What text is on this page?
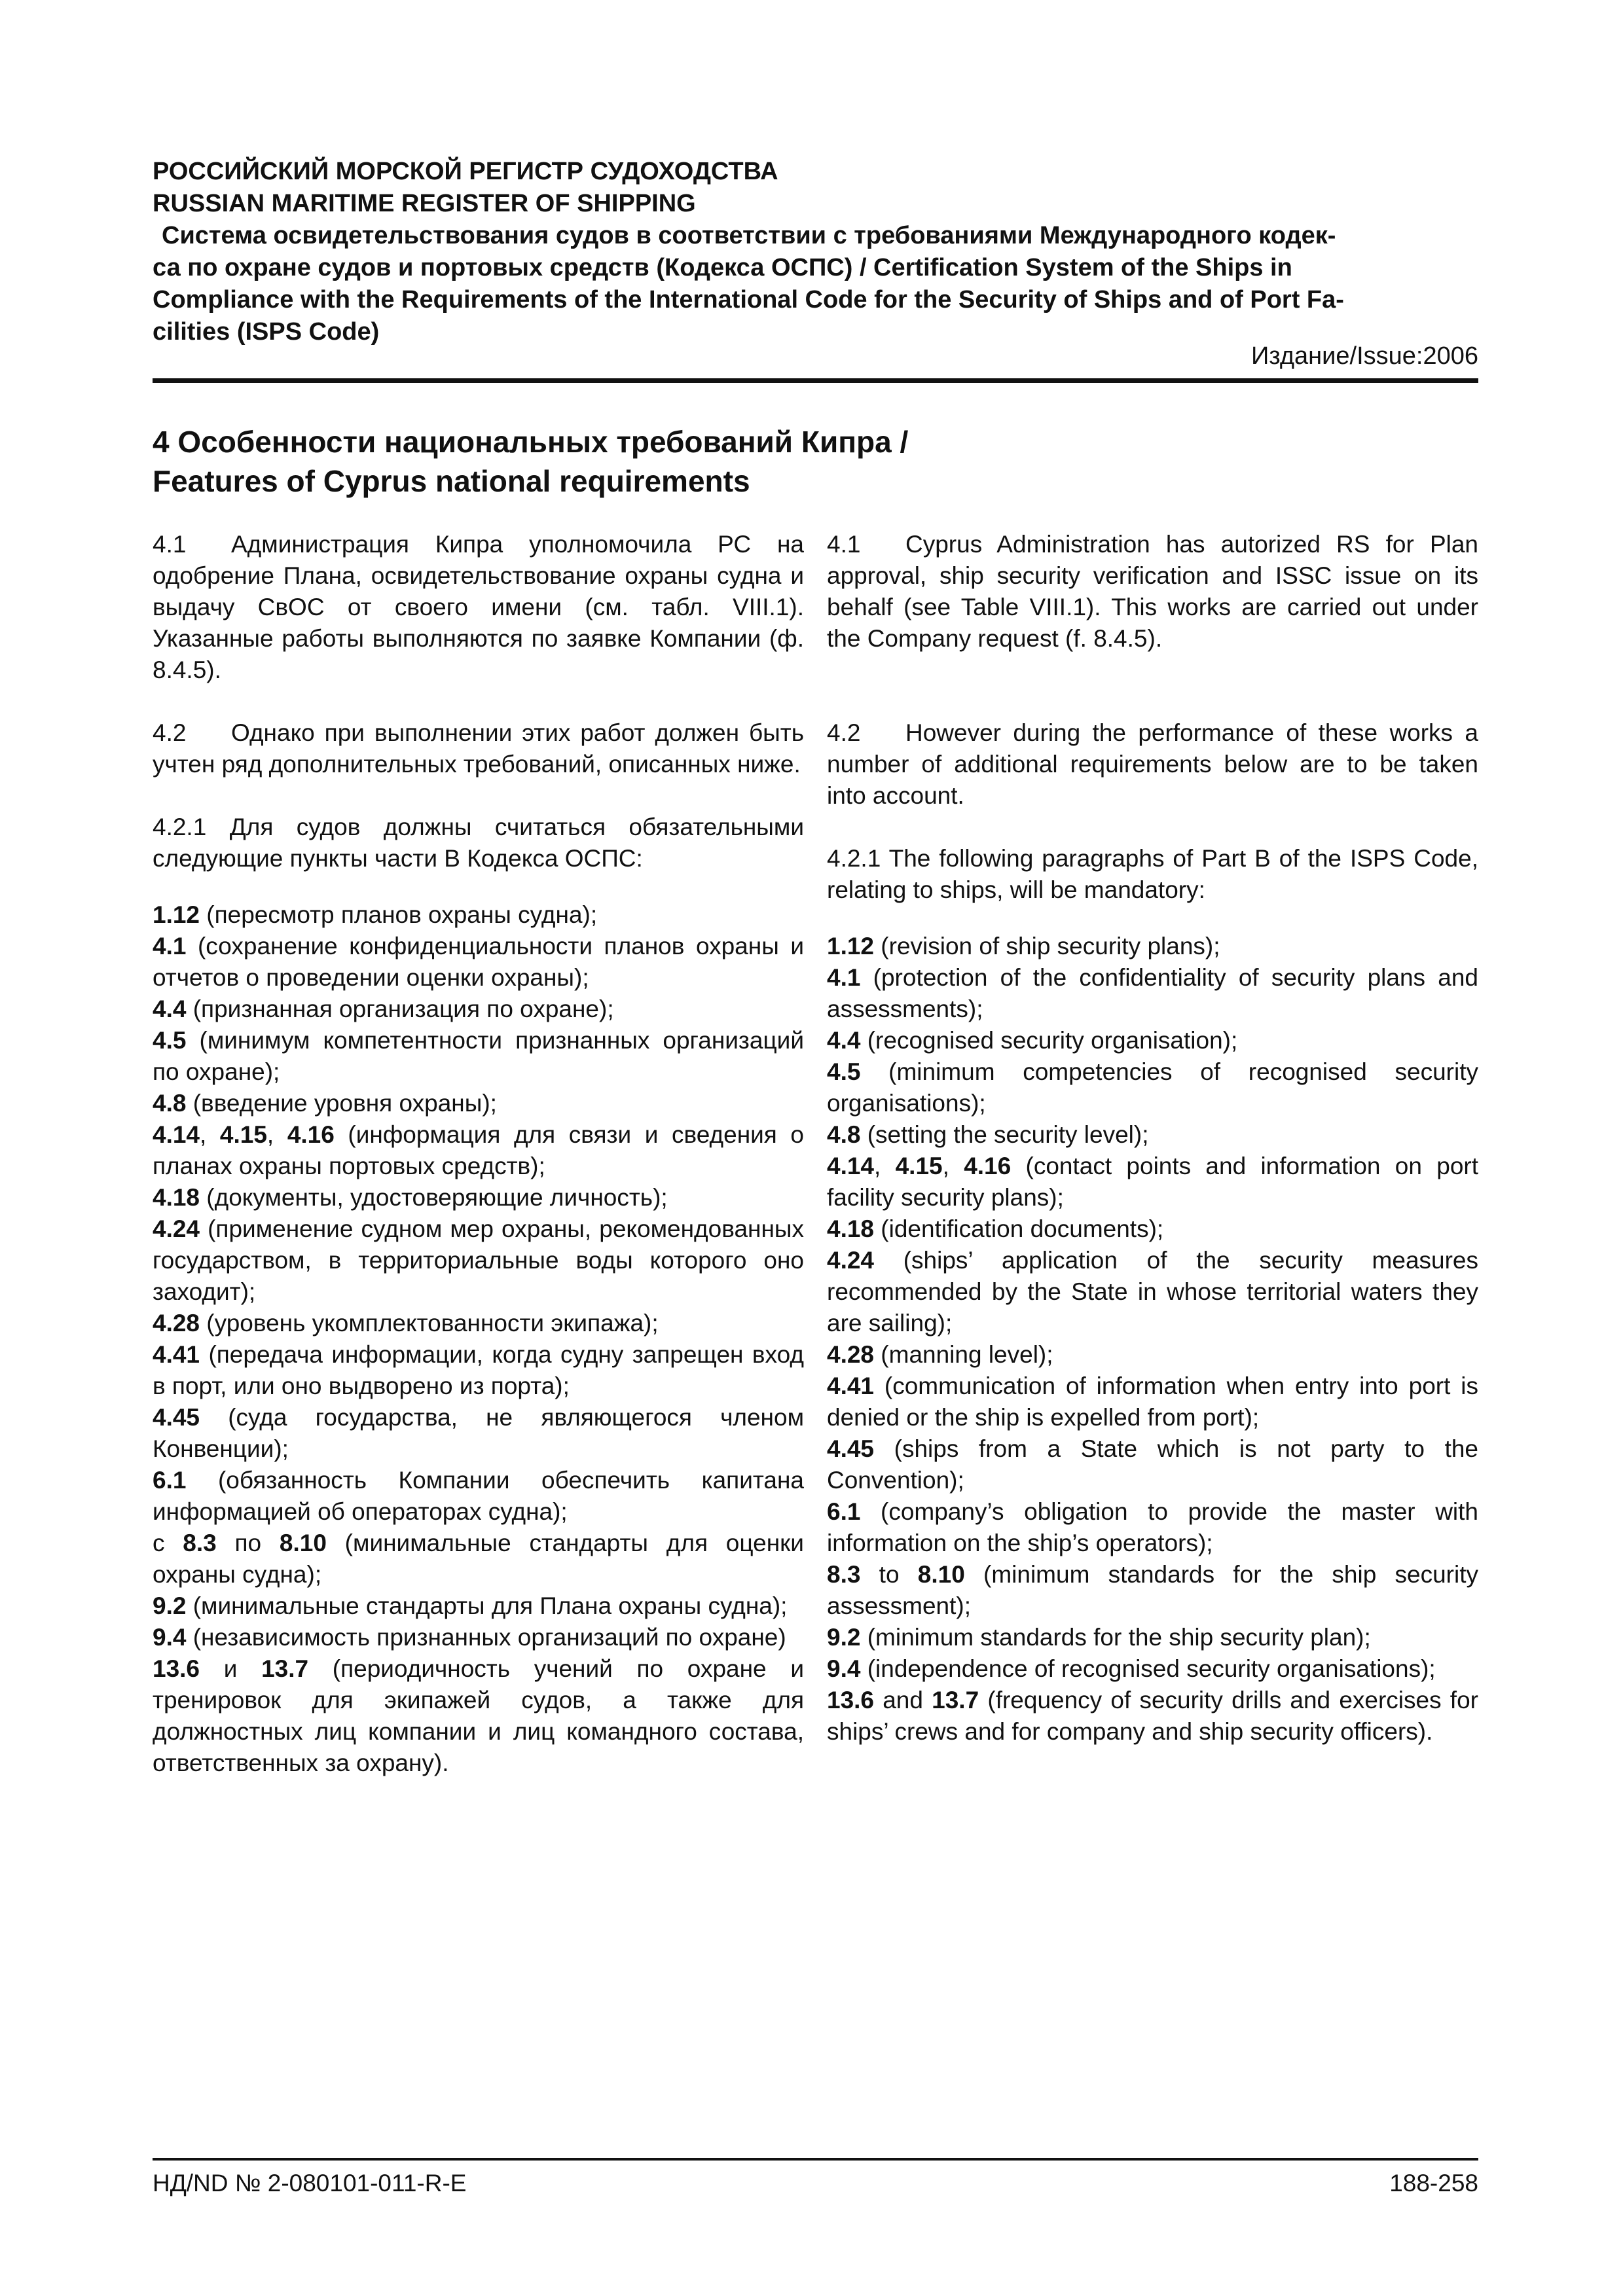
РОССИЙСКИЙ МОРСКОЙ РЕГИСТР СУДОХОДСТВА
RUSSIAN MARITIME REGISTER OF SHIPPING
Система освидетельствования судов в соответствии с требованиями Международного кодек-
са по охране судов и портовых средств (Кодекса ОСПС) / Certification System of the Ships in
Compliance with the Requirements of the International Code for the Security of Ships and of Port Fa-
cilities (ISPS Code)
Издание/Issue:2006
4 Особенности национальных требований Кипра /
Features of Cyprus national requirements

4.1 Администрация Кипра уполномочила РС на одобрение Плана, освидетельствование охраны судна и выдачу СвОС от своего имени (см. табл. VIII.1). Указанные работы выполняются по заявке Компании (ф. 8.4.5).

4.2 Однако при выполнении этих работ должен быть учтен ряд дополнительных требований, описанных ниже.

4.2.1 Для судов должны считаться обязательными следующие пункты части B Кодекса ОСПС:

1.12 (пересмотр планов охраны судна);

4.1 (сохранение конфиденциальности планов охраны и отчетов о проведении оценки охраны);

4.4 (признанная организация по охране);

4.5 (минимум компетентности признанных организаций по охране);

4.8 (введение уровня охраны);

4.14, 4.15, 4.16 (информация для связи и сведения о планах охраны портовых средств);

4.18 (документы, удостоверяющие личность);

4.24 (применение судном мер охраны, рекомендованных государством, в территориальные воды которого оно заходит);

4.28 (уровень укомплектованности экипажа);

4.41 (передача информации, когда судну запрещен вход в порт, или оно выдворено из порта);

4.45 (суда государства, не являющегося членом Конвенции);

6.1 (обязанность Компании обеспечить капитана информацией об операторах судна);

с 8.3 по 8.10 (минимальные стандарты для оценки охраны судна);

9.2 (минимальные стандарты для Плана охраны судна);

9.4 (независимость признанных организаций по охране)

13.6 и 13.7 (периодичность учений по охране и тренировок для экипажей судов, а также для должностных лиц компании и лиц командного состава, ответственных за охрану).

4.1 Cyprus Administration has autorized RS for Plan approval, ship security verification and ISSC issue on its behalf (see Table VIII.1). This works are carried out under the Company request (f. 8.4.5).

4.2 However during the performance of these works a number of additional requirements below are to be taken into account.

4.2.1 The following paragraphs of Part B of the ISPS Code, relating to ships, will be mandatory:

1.12 (revision of ship security plans);

4.1 (protection of the confidentiality of security plans and assessments);

4.4 (recognised security organisation);

4.5 (minimum competencies of recognised security organisations);

4.8 (setting the security level);

4.14, 4.15, 4.16 (contact points and information on port facility security plans);

4.18 (identification documents);

4.24 (ships’ application of the security measures recommended by the State in whose territorial waters they are sailing);

4.28 (manning level);

4.41 (communication of information when entry into port is denied or the ship is expelled from port);

4.45 (ships from a State which is not party to the Convention);

6.1 (company’s obligation to provide the master with information on the ship’s operators);

8.3 to 8.10 (minimum standards for the ship security assessment);

9.2 (minimum standards for the ship security plan);

9.4 (independence of recognised security organisations);

13.6 and 13.7 (frequency of security drills and exercises for ships’ crews and for company and ship security officers).

НД/ND № 2-080101-011-R-E	188-258
